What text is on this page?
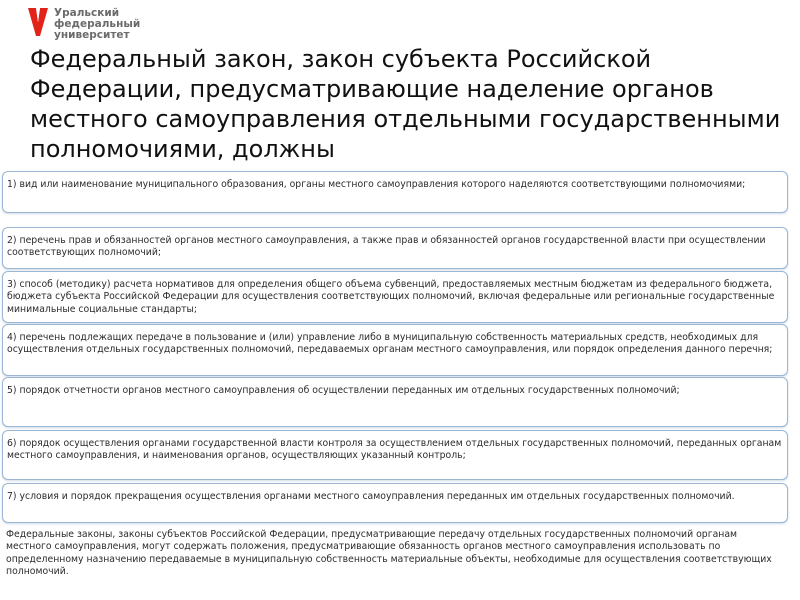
Уральский
федеральный
университет
Федеральный закон, закон субъекта Российской Федерации, предусматривающие наделение органов местного самоуправления отдельными государственными полномочиями, должны
1) вид или наименование муниципального образования, органы местного самоуправления которого наделяются соответствующими полномочиями;
2) перечень прав и обязанностей органов местного самоуправления, а также прав и обязанностей органов государственной власти при осуществлении соответствующих полномочий;
3) способ (методику) расчета нормативов для определения общего объема субвенций, предоставляемых местным бюджетам из федерального бюджета, бюджета субъекта Российской Федерации для осуществления соответствующих полномочий, включая федеральные или региональные государственные минимальные социальные стандарты;
4) перечень подлежащих передаче в пользование и (или) управление либо в муниципальную собственность материальных средств, необходимых для осуществления отдельных государственных полномочий, передаваемых органам местного самоуправления, или порядок определения данного перечня;
5) порядок отчетности органов местного самоуправления об осуществлении переданных им отдельных государственных полномочий;
6) порядок осуществления органами государственной власти контроля за осуществлением отдельных государственных полномочий, переданных органам местного самоуправления, и наименования органов, осуществляющих указанный контроль;
7) условия и порядок прекращения осуществления органами местного самоуправления переданных им отдельных государственных полномочий.
Федеральные законы, законы субъектов Российской Федерации, предусматривающие передачу отдельных государственных полномочий органам местного самоуправления, могут содержать положения, предусматривающие обязанность органов местного самоуправления использовать по определенному назначению передаваемые в муниципальную собственность материальные объекты, необходимые для осуществления соответствующих полномочий.
